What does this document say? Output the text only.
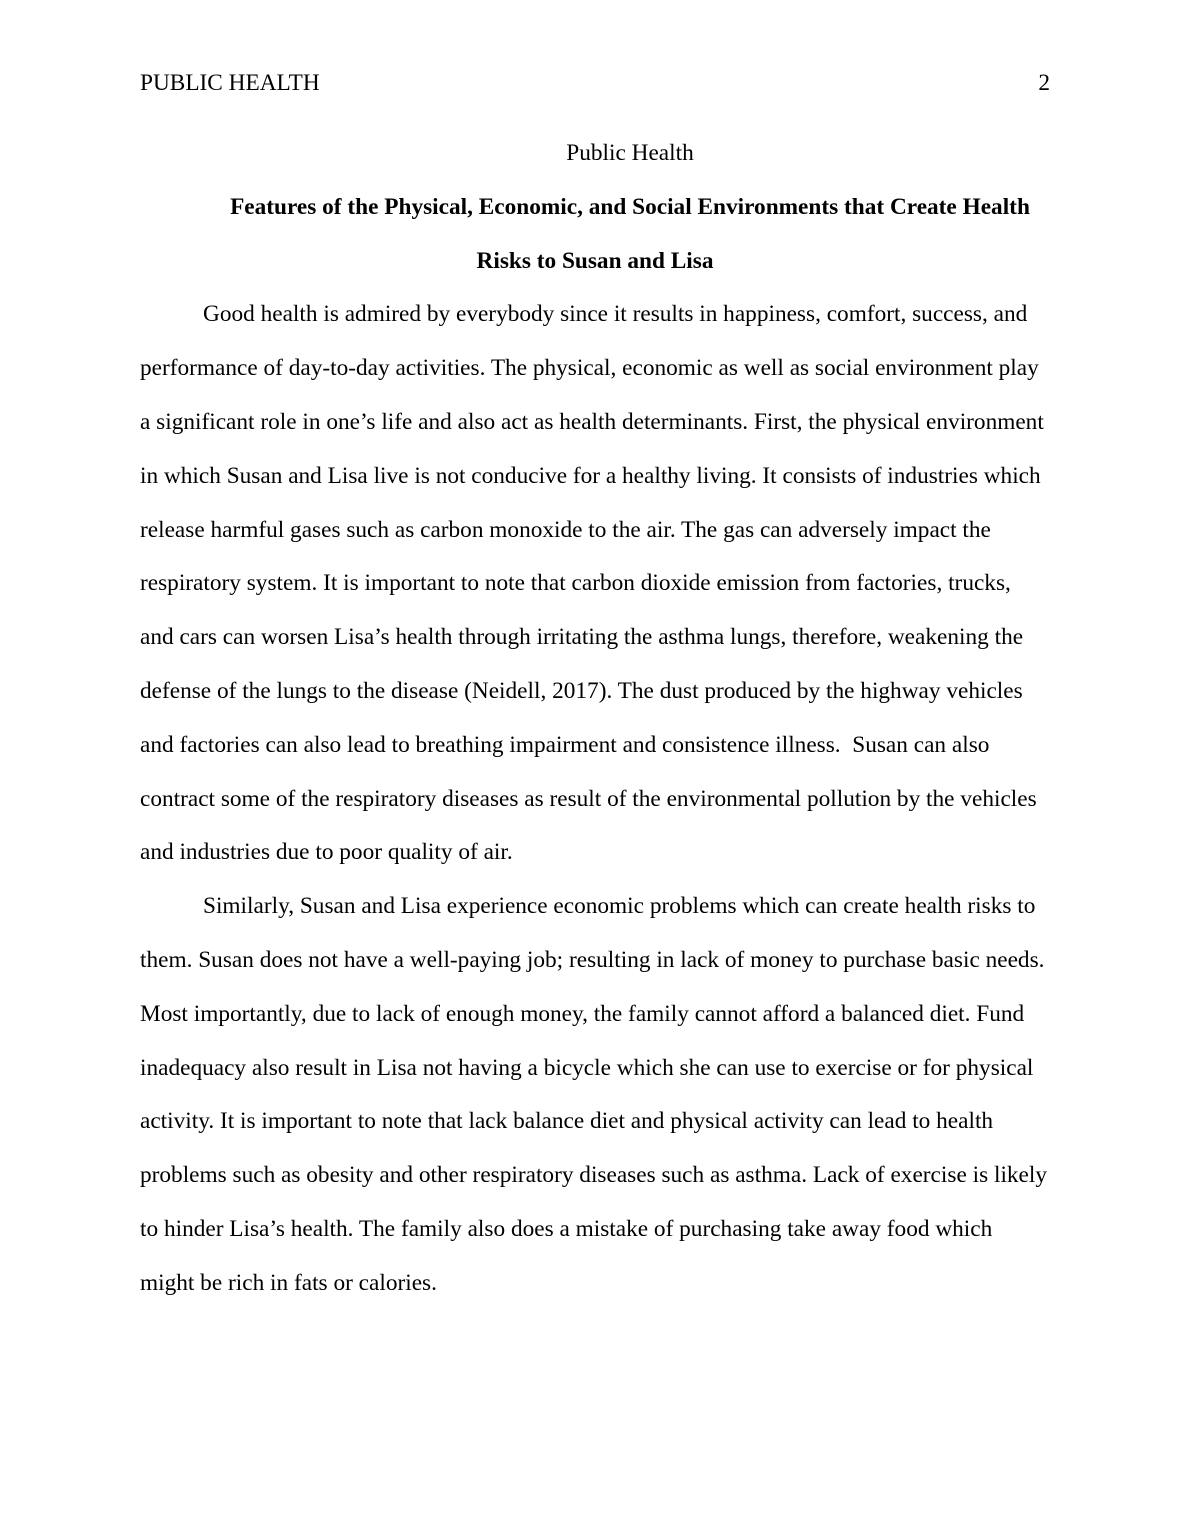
PUBLIC HEALTH	2
Public Health
Features of the Physical, Economic, and Social Environments that Create Health
Risks to Susan and Lisa
Good health is admired by everybody since it results in happiness, comfort, success, and
performance of day-to-day activities. The physical, economic as well as social environment play
a significant role in one’s life and also act as health determinants. First, the physical environment
in which Susan and Lisa live is not conducive for a healthy living. It consists of industries which
release harmful gases such as carbon monoxide to the air. The gas can adversely impact the
respiratory system. It is important to note that carbon dioxide emission from factories, trucks,
and cars can worsen Lisa’s health through irritating the asthma lungs, therefore, weakening the
defense of the lungs to the disease (Neidell, 2017). The dust produced by the highway vehicles
and factories can also lead to breathing impairment and consistence illness.  Susan can also
contract some of the respiratory diseases as result of the environmental pollution by the vehicles
and industries due to poor quality of air.
Similarly, Susan and Lisa experience economic problems which can create health risks to
them. Susan does not have a well-paying job; resulting in lack of money to purchase basic needs.
Most importantly, due to lack of enough money, the family cannot afford a balanced diet. Fund
inadequacy also result in Lisa not having a bicycle which she can use to exercise or for physical
activity. It is important to note that lack balance diet and physical activity can lead to health
problems such as obesity and other respiratory diseases such as asthma. Lack of exercise is likely
to hinder Lisa’s health. The family also does a mistake of purchasing take away food which
might be rich in fats or calories.
